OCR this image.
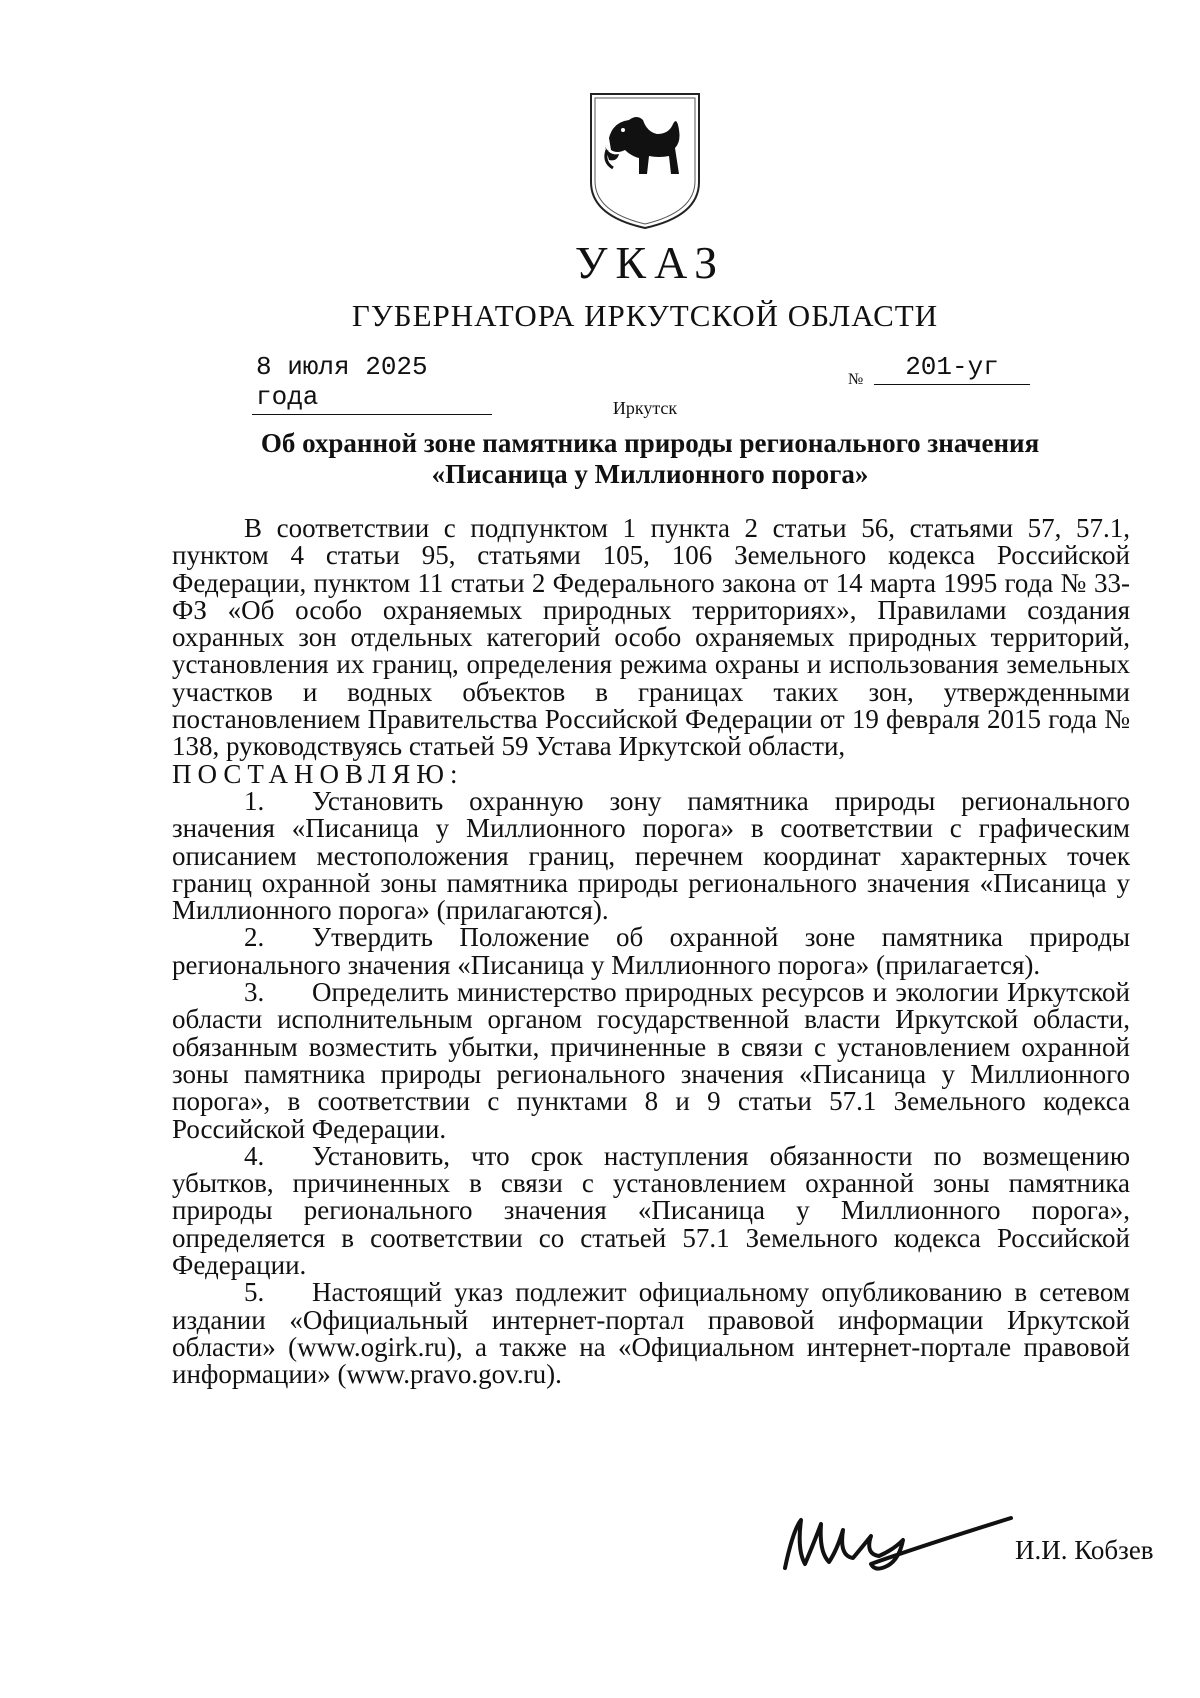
УКАЗ
ГУБЕРНАТОРА ИРКУТСКОЙ ОБЛАСТИ
8 июля 2025 года
№	201-уг
Иркутск
Об охранной зоне памятника природы регионального значения
«Писаница у Миллионного порога»

В соответствии с подпунктом 1 пункта 2 статьи 56, статьями 57, 57.1, пунктом 4 статьи 95, статьями 105, 106 Земельного кодекса Российской Федерации, пунктом 11 статьи 2 Федерального закона от 14 марта 1995 года № 33-ФЗ «Об особо охраняемых природных территориях», Правилами создания охранных зон отдельных категорий особо охраняемых природных территорий, установления их границ, определения режима охраны и использования земельных участков и водных объектов в границах таких зон, утвержденными постановлением Правительства Российской Федерации от 19 февраля 2015 года № 138, руководствуясь статьей 59 Устава Иркутской области,

ПОСТАНОВЛЯЮ:

1. Установить охранную зону памятника природы регионального значения «Писаница у Миллионного порога» в соответствии с графическим описанием местоположения границ, перечнем координат характерных точек границ охранной зоны памятника природы регионального значения «Писаница у Миллионного порога» (прилагаются).

2. Утвердить Положение об охранной зоне памятника природы регионального значения «Писаница у Миллионного порога» (прилагается).

3. Определить министерство природных ресурсов и экологии Иркутской области исполнительным органом государственной власти Иркутской области, обязанным возместить убытки, причиненные в связи с установлением охранной зоны памятника природы регионального значения «Писаница у Миллионного порога», в соответствии с пунктами 8 и 9 статьи 57.1 Земельного кодекса Российской Федерации.

4. Установить, что срок наступления обязанности по возмещению убытков, причиненных в связи с установлением охранной зоны памятника природы регионального значения «Писаница у Миллионного порога», определяется в соответствии со статьей 57.1 Земельного кодекса Российской Федерации.

5. Настоящий указ подлежит официальному опубликованию в сетевом издании «Официальный интернет-портал правовой информации Иркутской области» (www.ogirk.ru), а также на «Официальном интернет-портале правовой информации» (www.pravo.gov.ru).

И.И. Кобзев
